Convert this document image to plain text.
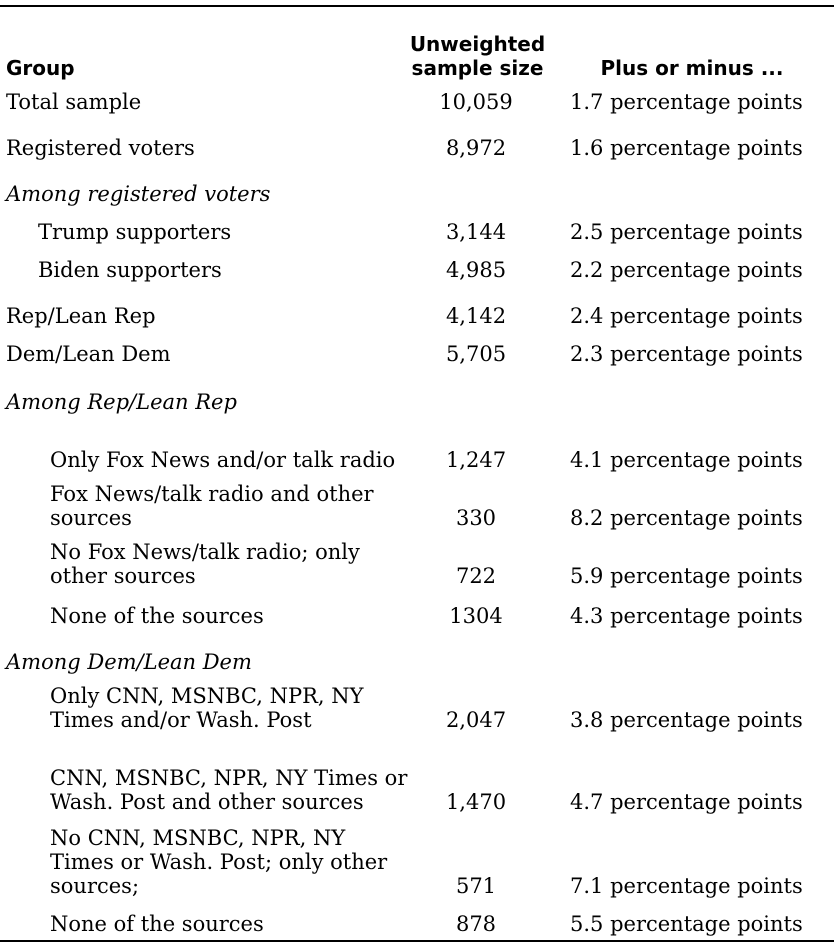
Group
Unweighted sample size	Plus or minus ...
Total sample	10,059	1.7 percentage points
Registered voters	8,972	1.6 percentage points
Among registered voters
Trump supporters	3,144	2.5 percentage points
Biden supporters	4,985	2.2 percentage points
Rep/Lean Rep	4,142	2.4 percentage points
Dem/Lean Dem	5,705	2.3 percentage points
Among Rep/Lean Rep
Only Fox News and/or talk radio	1,247	4.1 percentage points
Fox News/talk radio and other sources	330	8.2 percentage points
No Fox News/talk radio; only other sources	722	5.9 percentage points
None of the sources	1304	4.3 percentage points
Among Dem/Lean Dem
Only CNN, MSNBC, NPR, NY Times and/or Wash. Post	2,047	3.8 percentage points
CNN, MSNBC, NPR, NY Times or Wash. Post and other sources	1,470	4.7 percentage points
No CNN, MSNBC, NPR, NY Times or Wash. Post; only other sources;	571	7.1 percentage points
None of the sources	878	5.5 percentage points
